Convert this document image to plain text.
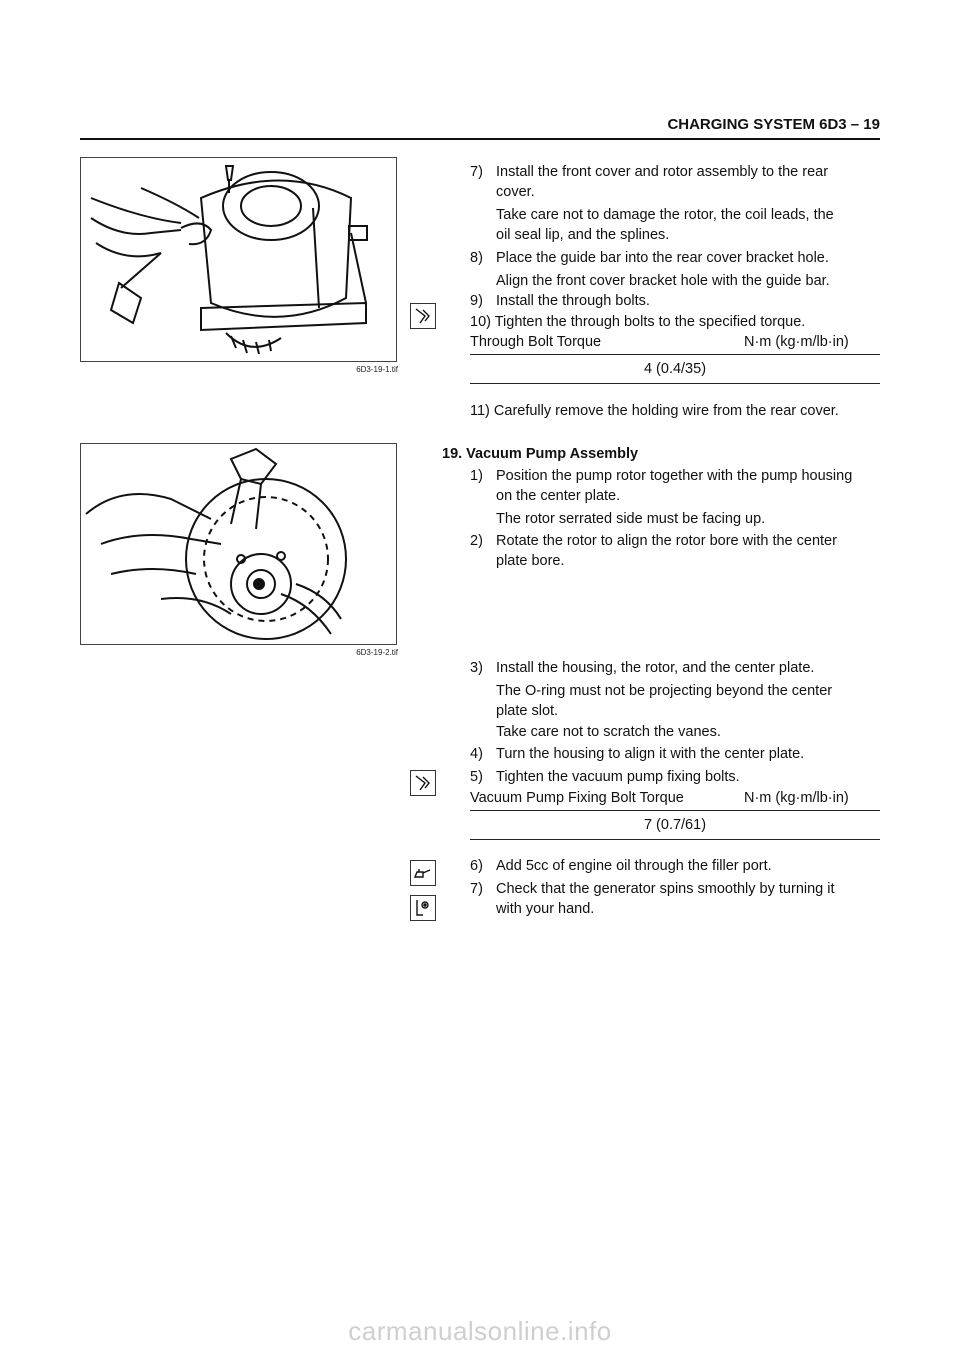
CHARGING SYSTEM 6D3 – 19
6D3-19-1.tif
6D3-19-2.tif
7) Install the front cover and rotor assembly to the rear
cover.
Take care not to damage the rotor, the coil leads, the
oil seal lip, and the splines.
8) Place the guide bar into the rear cover bracket hole.
Align the front cover bracket hole with the guide bar.
9) Install the through bolts.
10) Tighten the through bolts to the specified torque.
Through Bolt Torque	N·m (kg·m/lb·in)
4 (0.4/35)
11) Carefully remove the holding wire from the rear cover.
19. Vacuum Pump Assembly
1) Position the pump rotor together with the pump housing
on the center plate.
The rotor serrated side must be facing up.
2) Rotate the rotor to align the rotor bore with the center
plate bore.
3) Install the housing, the rotor, and the center plate.
The O-ring must not be projecting beyond the center
plate slot.
Take care not to scratch the vanes.
4) Turn the housing to align it with the center plate.
5) Tighten the vacuum pump fixing bolts.
Vacuum Pump Fixing Bolt Torque	N·m (kg·m/lb·in)
7 (0.7/61)
6) Add 5cc of engine oil through the filler port.
7) Check that the generator spins smoothly by turning it
with your hand.
carmanualsonline.info
